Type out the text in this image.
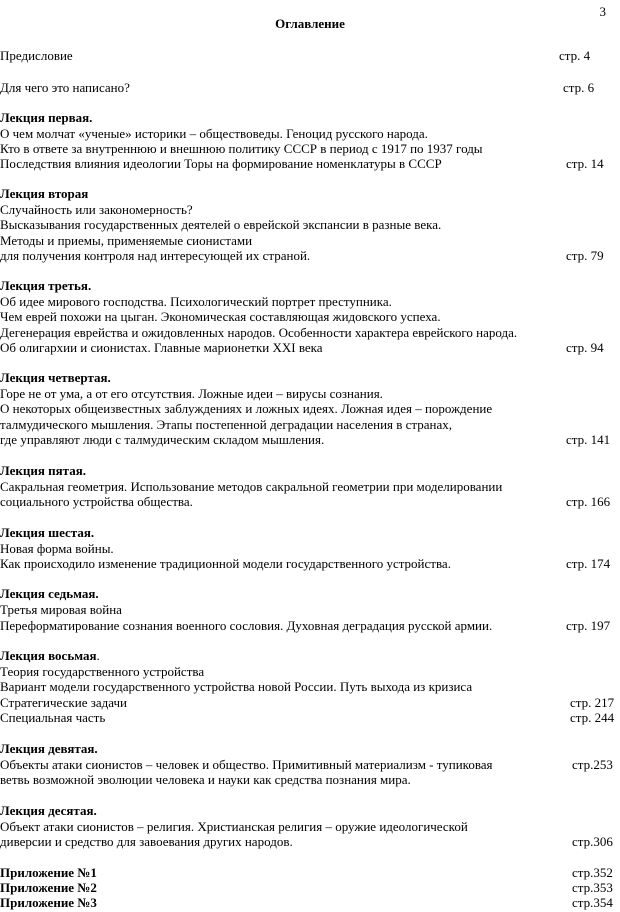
3
Оглавление
Предисловие	стр. 4
Для чего это написано?	стр. 6
Лекция первая.
О чем молчат «ученые» историки – обществоведы. Геноцид русского народа.
Кто в ответе за внутреннюю и внешнюю политику СССР в период с 1917 по 1937 годы
Последствия влияния идеологии Торы на формирование номенклатуры в СССР	стр. 14
Лекция вторая
Случайность или закономерность?
Высказывания государственных деятелей о еврейской экспансии в разные века.
Методы и приемы, применяемые сионистами
для получения контроля над интересующей их страной.	стр. 79
Лекция третья.
Об идее мирового господства. Психологический портрет преступника.
Чем еврей похожи на цыган. Экономическая составляющая жидовского успеха.
Дегенерация еврейства и ожидовленных народов. Особенности характера еврейского народа.
Об олигархии и сионистах. Главные марионетки XXI века	стр. 94
Лекция четвертая.
Горе не от ума, а от его отсутствия. Ложные идеи – вирусы сознания.
О некоторых общеизвестных заблуждениях и ложных идеях. Ложная идея – порождение
талмудического мышления. Этапы постепенной деградации населения в странах,
где управляют люди с талмудическим складом мышления.	стр. 141
Лекция пятая.
Сакральная геометрия. Использование методов сакральной геометрии при моделировании
социального устройства общества.	стр. 166
Лекция шестая.
Новая форма войны.
Как происходило изменение традиционной модели государственного устройства.	стр. 174
Лекция седьмая.
Третья мировая война
Переформатирование сознания военного сословия. Духовная деградация русской армии.	стр. 197
Лекция восьмая.
Теория государственного устройства
Вариант модели государственного устройства новой России. Путь выхода из кризиса
Стратегические задачи	стр. 217
Специальная часть	стр. 244
Лекция девятая.
Объекты атаки сионистов – человек и общество. Примитивный материализм - тупиковая	стр.253
ветвь возможной эволюции человека и науки как средства познания мира.
Лекция десятая.
Объект атаки сионистов – религия. Христианская религия – оружие идеологической
диверсии и средство для завоевания других народов.	стр.306
Приложение №1	стр.352
Приложение №2	стр.353
Приложение №3	стр.354
